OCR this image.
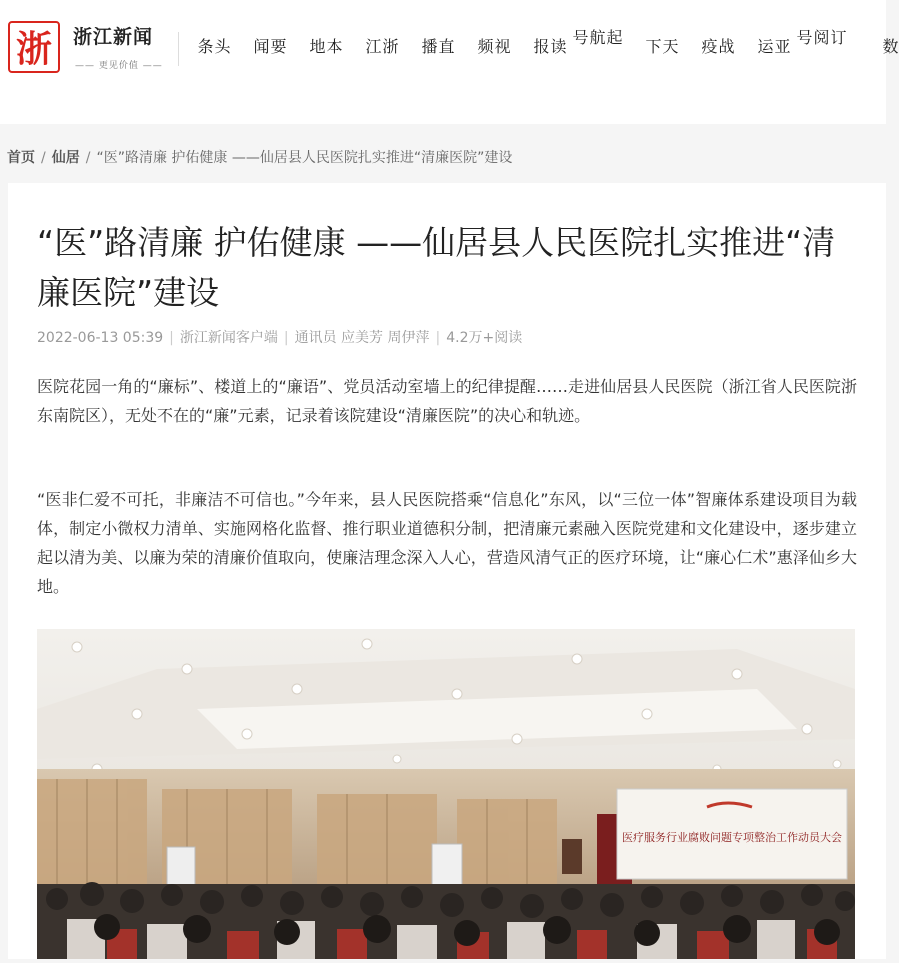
浙 浙江新闻
—— 更见价值 ——
头条	要闻	本地	浙江	直播	视频	读报
起航号
天下	战疫	亚运
订阅号
数
首页 / 仙居 / “医”路清廉 护佑健康 ——仙居县人民医院扎实推进“清廉医院”建设
“医”路清廉 护佑健康 ——仙居县人民医院扎实推进“清廉医院”建设
2022-06-13 05:39 | 浙江新闻客户端 | 通讯员 应美芳 周伊萍 | 4.2万+阅读

医院花园一角的“廉标”、楼道上的“廉语”、党员活动室墙上的纪律提醒……走进仙居县人民医院（浙江省人民医院浙东南院区），无处不在的“廉”元素，记录着该院建设“清廉医院”的决心和轨迹。

“医非仁爱不可托，非廉洁不可信也。”今年来，县人民医院搭乘“信息化”东风，以“三位一体”智廉体系建设项目为载体，制定小微权力清单、实施网格化监督、推行职业道德积分制，把清廉元素融入医院党建和文化建设中，逐步建立起以清为美、以廉为荣的清廉价值取向，使廉洁理念深入人心，营造风清气正的医疗环境，让“廉心仁术”惠泽仙乡大地。

医疗服务行业腐败问题专项整治工作动员大会
